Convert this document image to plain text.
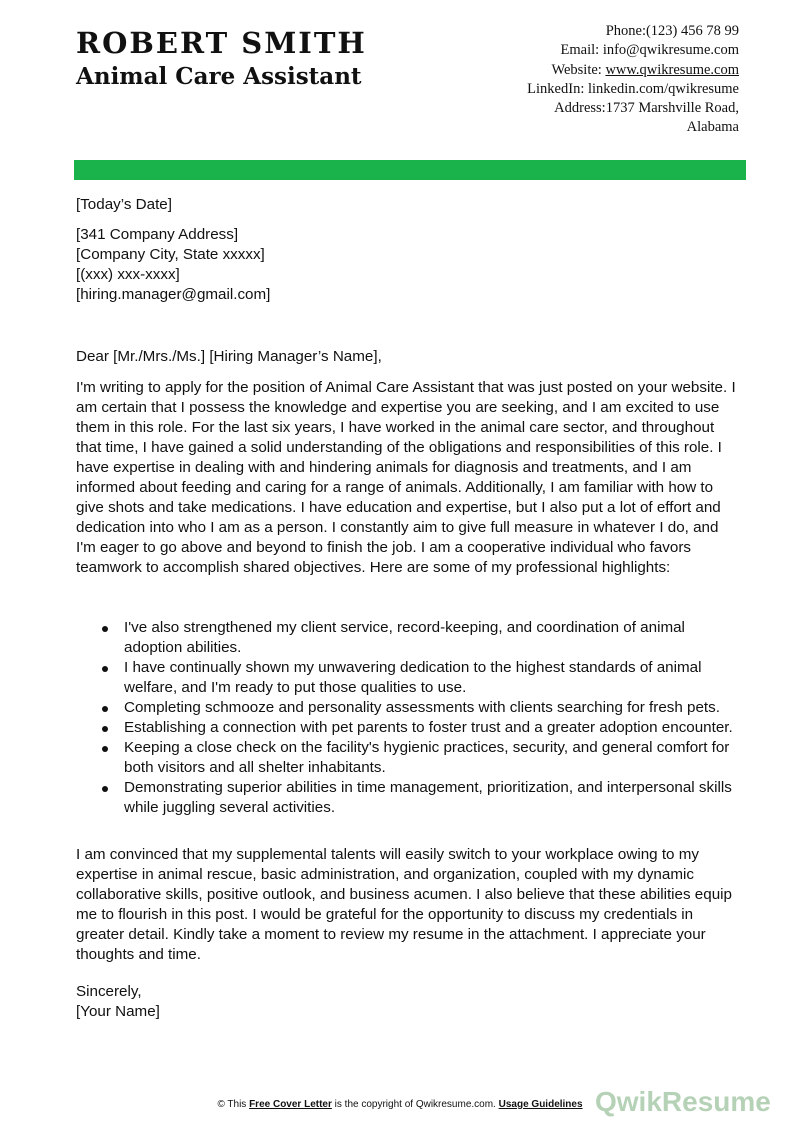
ROBERT SMITH
Animal Care Assistant
Phone:(123) 456 78 99
Email: info@qwikresume.com
Website: www.qwikresume.com
LinkedIn: linkedin.com/qwikresume
Address:1737 Marshville Road,
Alabama
[Today’s Date]
[341 Company Address]
[Company City, State xxxxx]
[(xxx) xxx-xxxx]
[hiring.manager@gmail.com]
Dear [Mr./Mrs./Ms.] [Hiring Manager’s Name],
I'm writing to apply for the position of Animal Care Assistant that was just posted on your website. I am certain that I possess the knowledge and expertise you are seeking, and I am excited to use them in this role. For the last six years, I have worked in the animal care sector, and throughout that time, I have gained a solid understanding of the obligations and responsibilities of this role. I have expertise in dealing with and hindering animals for diagnosis and treatments, and I am informed about feeding and caring for a range of animals. Additionally, I am familiar with how to give shots and take medications. I have education and expertise, but I also put a lot of effort and dedication into who I am as a person. I constantly aim to give full measure in whatever I do, and I'm eager to go above and beyond to finish the job. I am a cooperative individual who favors teamwork to accomplish shared objectives. Here are some of my professional highlights:
I've also strengthened my client service, record-keeping, and coordination of animal adoption abilities.
I have continually shown my unwavering dedication to the highest standards of animal welfare, and I'm ready to put those qualities to use.
Completing schmooze and personality assessments with clients searching for fresh pets.
Establishing a connection with pet parents to foster trust and a greater adoption encounter.
Keeping a close check on the facility's hygienic practices, security, and general comfort for both visitors and all shelter inhabitants.
Demonstrating superior abilities in time management, prioritization, and interpersonal skills while juggling several activities.
I am convinced that my supplemental talents will easily switch to your workplace owing to my expertise in animal rescue, basic administration, and organization, coupled with my dynamic collaborative skills, positive outlook, and business acumen. I also believe that these abilities equip me to flourish in this post. I would be grateful for the opportunity to discuss my credentials in greater detail. Kindly take a moment to review my resume in the attachment. I appreciate your thoughts and time.
Sincerely,
[Your Name]
QwikResume
© This Free Cover Letter is the copyright of Qwikresume.com. Usage Guidelines
